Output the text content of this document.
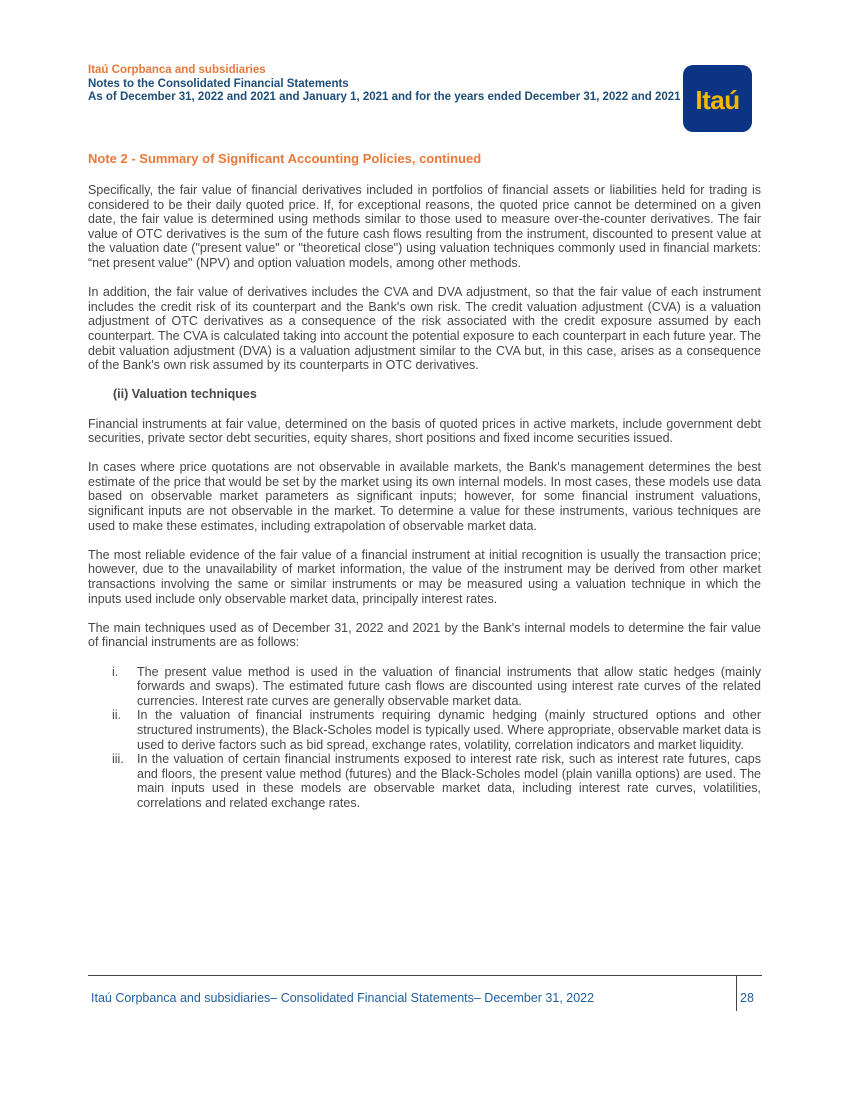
Itaú Corpbanca and subsidiaries
Notes to the Consolidated Financial Statements
As of December 31, 2022 and 2021 and January 1, 2021 and for the years ended December 31, 2022 and 2021 Itaú
Note 2 - Summary of Significant Accounting Policies, continued

Specifically, the fair value of financial derivatives included in portfolios of financial assets or liabilities held for trading is considered to be their daily quoted price. If, for exceptional reasons, the quoted price cannot be determined on a given date, the fair value is determined using methods similar to those used to measure over-the-counter derivatives. The fair value of OTC derivatives is the sum of the future cash flows resulting from the instrument, discounted to present value at the valuation date ("present value" or "theoretical close") using valuation techniques commonly used in financial markets: “net present value" (NPV) and option valuation models, among other methods.

In addition, the fair value of derivatives includes the CVA and DVA adjustment, so that the fair value of each instrument includes the credit risk of its counterpart and the Bank's own risk. The credit valuation adjustment (CVA) is a valuation adjustment of OTC derivatives as a consequence of the risk associated with the credit exposure assumed by each counterpart. The CVA is calculated taking into account the potential exposure to each counterpart in each future year. The debit valuation adjustment (DVA) is a valuation adjustment similar to the CVA but, in this case, arises as a consequence of the Bank's own risk assumed by its counterparts in OTC derivatives.

(ii) Valuation techniques

Financial instruments at fair value, determined on the basis of quoted prices in active markets, include government debt securities, private sector debt securities, equity shares, short positions and fixed income securities issued.

In cases where price quotations are not observable in available markets, the Bank's management determines the best estimate of the price that would be set by the market using its own internal models. In most cases, these models use data based on observable market parameters as significant inputs; however, for some financial instrument valuations, significant inputs are not observable in the market. To determine a value for these instruments, various techniques are used to make these estimates, including extrapolation of observable market data.

The most reliable evidence of the fair value of a financial instrument at initial recognition is usually the transaction price; however, due to the unavailability of market information, the value of the instrument may be derived from other market transactions involving the same or similar instruments or may be measured using a valuation technique in which the inputs used include only observable market data, principally interest rates.

The main techniques used as of December 31, 2022 and 2021 by the Bank's internal models to determine the fair value of financial instruments are as follows:

i. The present value method is used in the valuation of financial instruments that allow static hedges (mainly forwards and swaps). The estimated future cash flows are discounted using interest rate curves of the related currencies. Interest rate curves are generally observable market data.
ii. In the valuation of financial instruments requiring dynamic hedging (mainly structured options and other structured instruments), the Black-Scholes model is typically used. Where appropriate, observable market data is used to derive factors such as bid spread, exchange rates, volatility, correlation indicators and market liquidity.
iii. In the valuation of certain financial instruments exposed to interest rate risk, such as interest rate futures, caps and floors, the present value method (futures) and the Black-Scholes model (plain vanilla options) are used. The main inputs used in these models are observable market data, including interest rate curves, volatilities, correlations and related exchange rates.
Itaú Corpbanca and subsidiaries– Consolidated Financial Statements– December 31, 2022	28
